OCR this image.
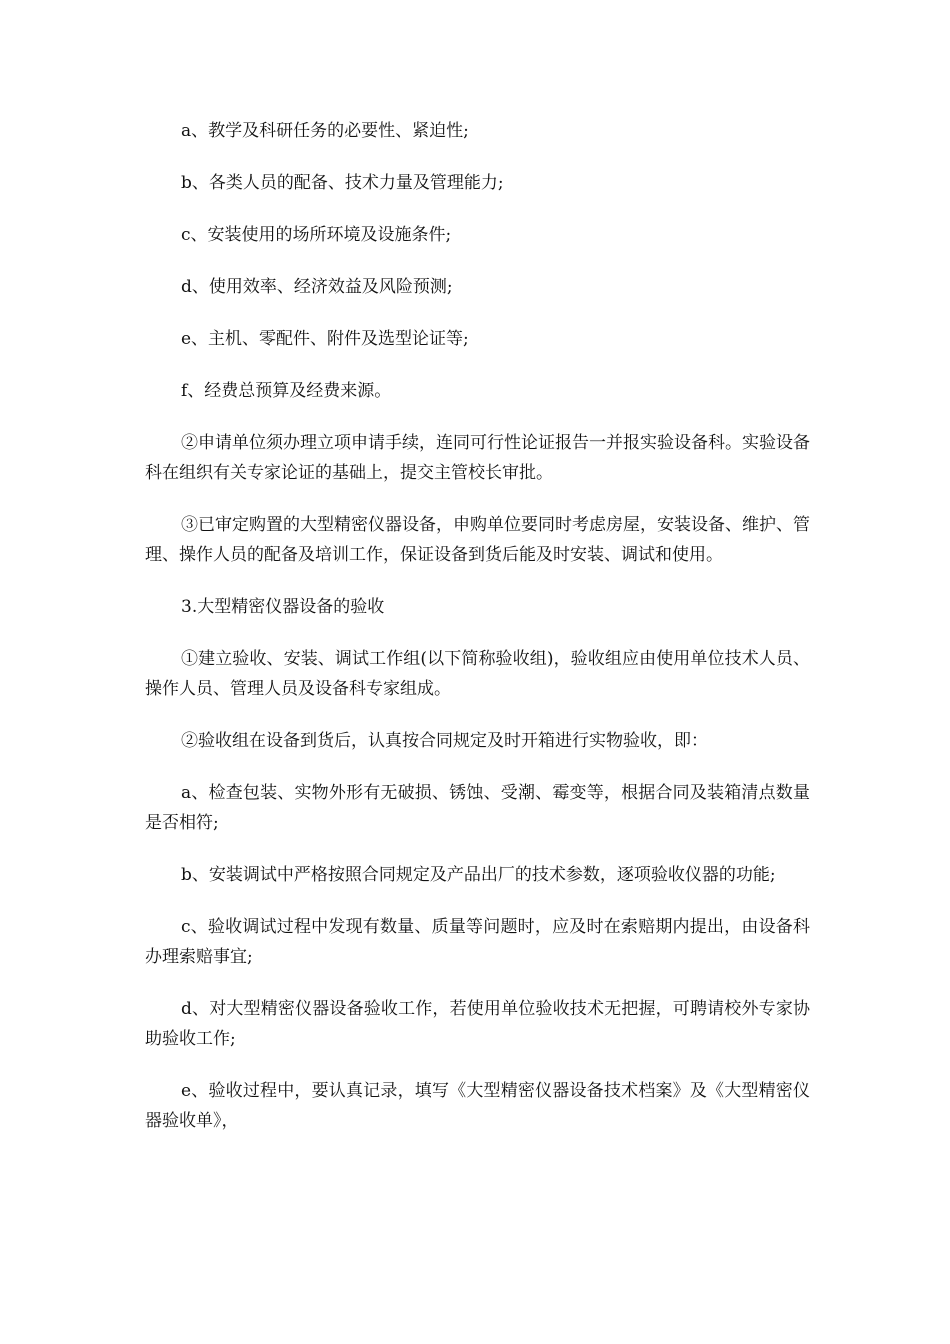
a、教学及科研任务的必要性、紧迫性;

b、各类人员的配备、技术力量及管理能力;

c、安装使用的场所环境及设施条件;

d、使用效率、经济效益及风险预测;

e、主机、零配件、附件及选型论证等;

f、经费总预算及经费来源。

②申请单位须办理立项申请手续，连同可行性论证报告一并报实验设备科。实验设备科在组织有关专家论证的基础上，提交主管校长审批。

③已审定购置的大型精密仪器设备，申购单位要同时考虑房屋，安装设备、维护、管理、操作人员的配备及培训工作，保证设备到货后能及时安装、调试和使用。

3.大型精密仪器设备的验收

①建立验收、安装、调试工作组(以下简称验收组)，验收组应由使用单位技术人员、操作人员、管理人员及设备科专家组成。

②验收组在设备到货后，认真按合同规定及时开箱进行实物验收，即：

a、检查包装、实物外形有无破损、锈蚀、受潮、霉变等，根据合同及装箱清点数量是否相符;

b、安装调试中严格按照合同规定及产品出厂的技术参数，逐项验收仪器的功能;

c、验收调试过程中发现有数量、质量等问题时，应及时在索赔期内提出，由设备科办理索赔事宜;

d、对大型精密仪器设备验收工作，若使用单位验收技术无把握，可聘请校外专家协助验收工作;

e、验收过程中，要认真记录，填写《大型精密仪器设备技术档案》及《大型精密仪器验收单》，
